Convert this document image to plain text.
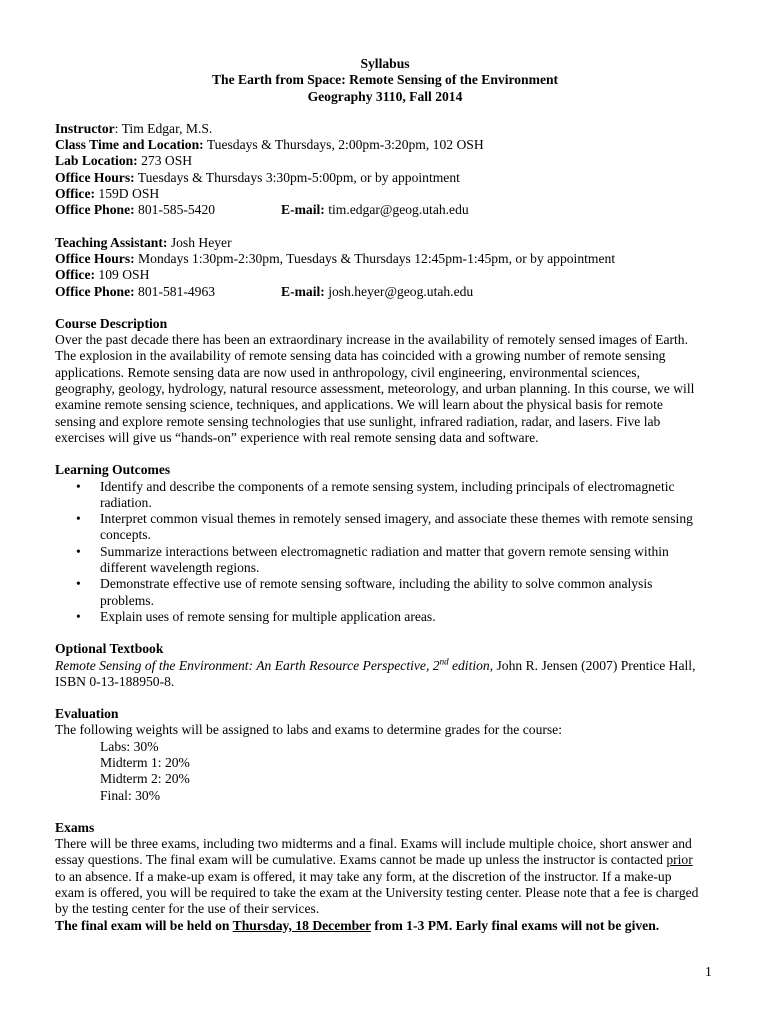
Syllabus
The Earth from Space: Remote Sensing of the Environment
Geography 3110, Fall 2014
Instructor: Tim Edgar, M.S.
Class Time and Location: Tuesdays & Thursdays, 2:00pm-3:20pm, 102 OSH
Lab Location: 273 OSH
Office Hours: Tuesdays & Thursdays 3:30pm-5:00pm, or by appointment
Office: 159D OSH
Office Phone: 801-585-5420	E-mail: tim.edgar@geog.utah.edu
Teaching Assistant: Josh Heyer
Office Hours: Mondays 1:30pm-2:30pm, Tuesdays & Thursdays 12:45pm-1:45pm, or by appointment
Office: 109 OSH
Office Phone: 801-581-4963	E-mail: josh.heyer@geog.utah.edu
Course Description
Over the past decade there has been an extraordinary increase in the availability of remotely sensed images of Earth.
The explosion in the availability of remote sensing data has coincided with a growing number of remote sensing
applications. Remote sensing data are now used in anthropology, civil engineering, environmental sciences,
geography, geology, hydrology, natural resource assessment, meteorology, and urban planning. In this course, we will
examine remote sensing science, techniques, and applications. We will learn about the physical basis for remote
sensing and explore remote sensing technologies that use sunlight, infrared radiation, radar, and lasers. Five lab
exercises will give us “hands-on” experience with real remote sensing data and software.
Learning Outcomes
• Identify and describe the components of a remote sensing system, including principals of electromagnetic
radiation.
• Interpret common visual themes in remotely sensed imagery, and associate these themes with remote sensing
concepts.
• Summarize interactions between electromagnetic radiation and matter that govern remote sensing within
different wavelength regions.
• Demonstrate effective use of remote sensing software, including the ability to solve common analysis
problems.
• Explain uses of remote sensing for multiple application areas.
Optional Textbook
Remote Sensing of the Environment: An Earth Resource Perspective, 2nd edition, John R. Jensen (2007) Prentice Hall,
ISBN 0-13-188950-8.
Evaluation
The following weights will be assigned to labs and exams to determine grades for the course:
Labs: 30%
Midterm 1: 20%
Midterm 2: 20%
Final: 30%
Exams
There will be three exams, including two midterms and a final. Exams will include multiple choice, short answer and
essay questions. The final exam will be cumulative. Exams cannot be made up unless the instructor is contacted prior
to an absence. If a make-up exam is offered, it may take any form, at the discretion of the instructor. If a make-up
exam is offered, you will be required to take the exam at the University testing center. Please note that a fee is charged
by the testing center for the use of their services.
The final exam will be held on Thursday, 18 December from 1-3 PM. Early final exams will not be given.
1
